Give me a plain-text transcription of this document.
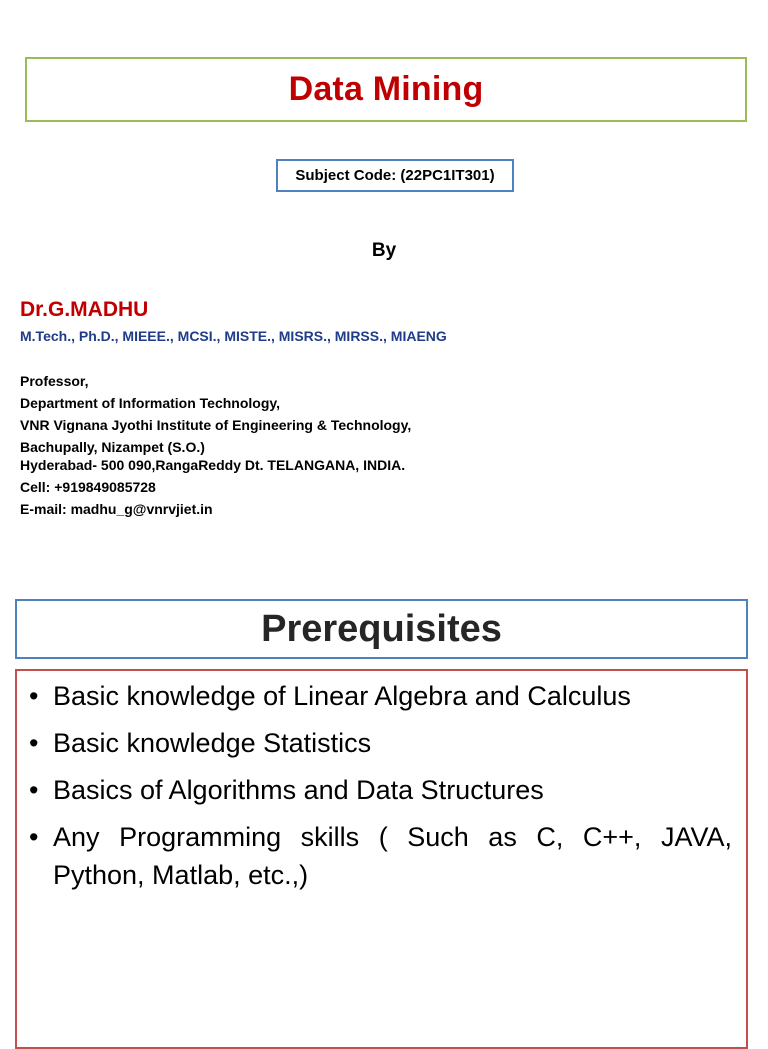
Data Mining
Subject Code: (22PC1IT301)
By
Dr.G.MADHU
M.Tech., Ph.D., MIEEE., MCSI., MISTE., MISRS., MIRSS., MIAENG
Professor,
Department of Information Technology,
VNR Vignana Jyothi Institute of Engineering & Technology,
Bachupally, Nizampet (S.O.)
Hyderabad- 500 090,RangaReddy Dt. TELANGANA, INDIA.
Cell: +919849085728
E-mail: madhu_g@vnrvjiet.in
Prerequisites
• Basic knowledge of Linear Algebra and Calculus
• Basic knowledge Statistics
• Basics of Algorithms and Data Structures
• Any Programming skills ( Such as C, C++, JAVA, Python, Matlab, etc.,)
